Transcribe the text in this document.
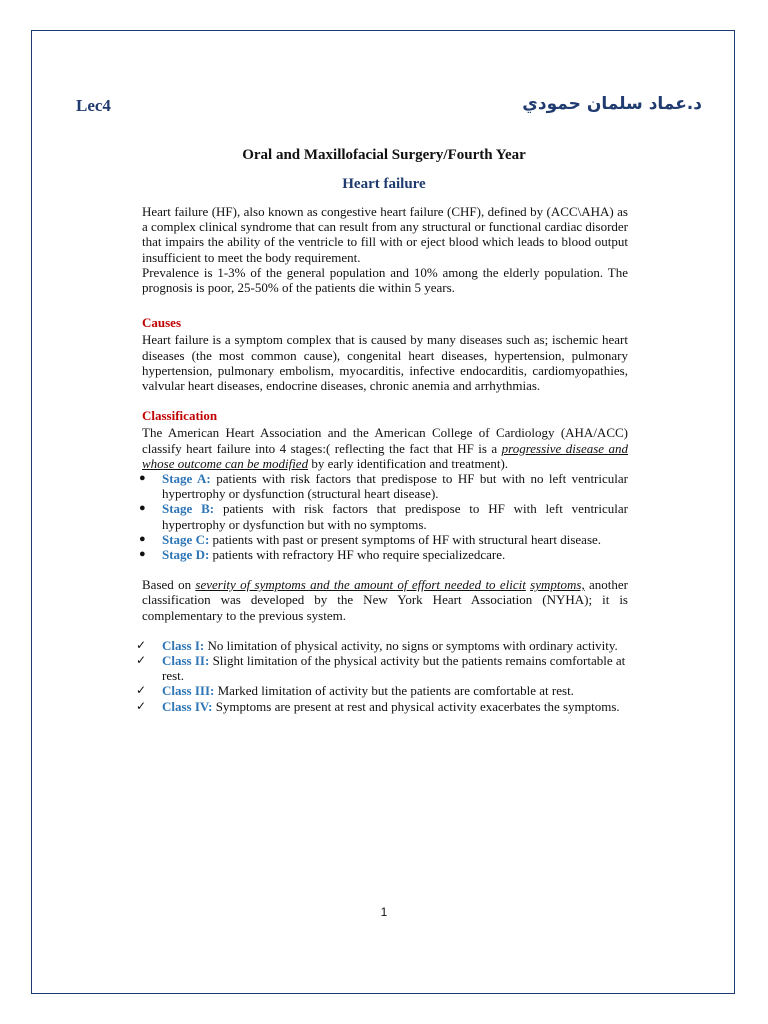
Lec4	د.عماد سلمان حمودي
Oral and Maxillofacial Surgery/Fourth Year
Heart failure

Heart failure (HF), also known as congestive heart failure (CHF), defined by (ACC\AHA) as a complex clinical syndrome that can result from any structural or functional cardiac disorder that impairs the ability of the ventricle to fill with or eject blood which leads to blood output insufficient to meet the body requirement.

Prevalence is 1-3% of the general population and 10% among the elderly population. The prognosis is poor, 25-50% of the patients die within 5 years.

Causes

Heart failure is a symptom complex that is caused by many diseases such as; ischemic heart diseases (the most common cause), congenital heart diseases, hypertension, pulmonary hypertension, pulmonary embolism, myocarditis, infective endocarditis, cardiomyopathies, valvular heart diseases, endocrine diseases, chronic anemia and arrhythmias.

Classification

The American Heart Association and the American College of Cardiology (AHA/ACC) classify heart failure into 4 stages:( reflecting the fact that HF is a progressive disease and whose outcome can be modified by early identification and treatment).

● Stage A: patients with risk factors that predispose to HF but with no left ventricular hypertrophy or dysfunction (structural heart disease).
● Stage B: patients with risk factors that predispose to HF with left ventricular hypertrophy or dysfunction but with no symptoms.
● Stage C: patients with past or present symptoms of HF with structural heart disease.
● Stage D: patients with refractory HF who require specializedcare.

Based on severity of symptoms and the amount of effort needed to elicit symptoms, another classification was developed by the New York Heart Association (NYHA); it is complementary to the previous system.

✓ Class I: No limitation of physical activity, no signs or symptoms with ordinary activity.
✓ Class II: Slight limitation of the physical activity but the patients remains comfortable at rest.
✓ Class III: Marked limitation of activity but the patients are comfortable at rest.
✓ Class IV: Symptoms are present at rest and physical activity exacerbates the symptoms.
1
